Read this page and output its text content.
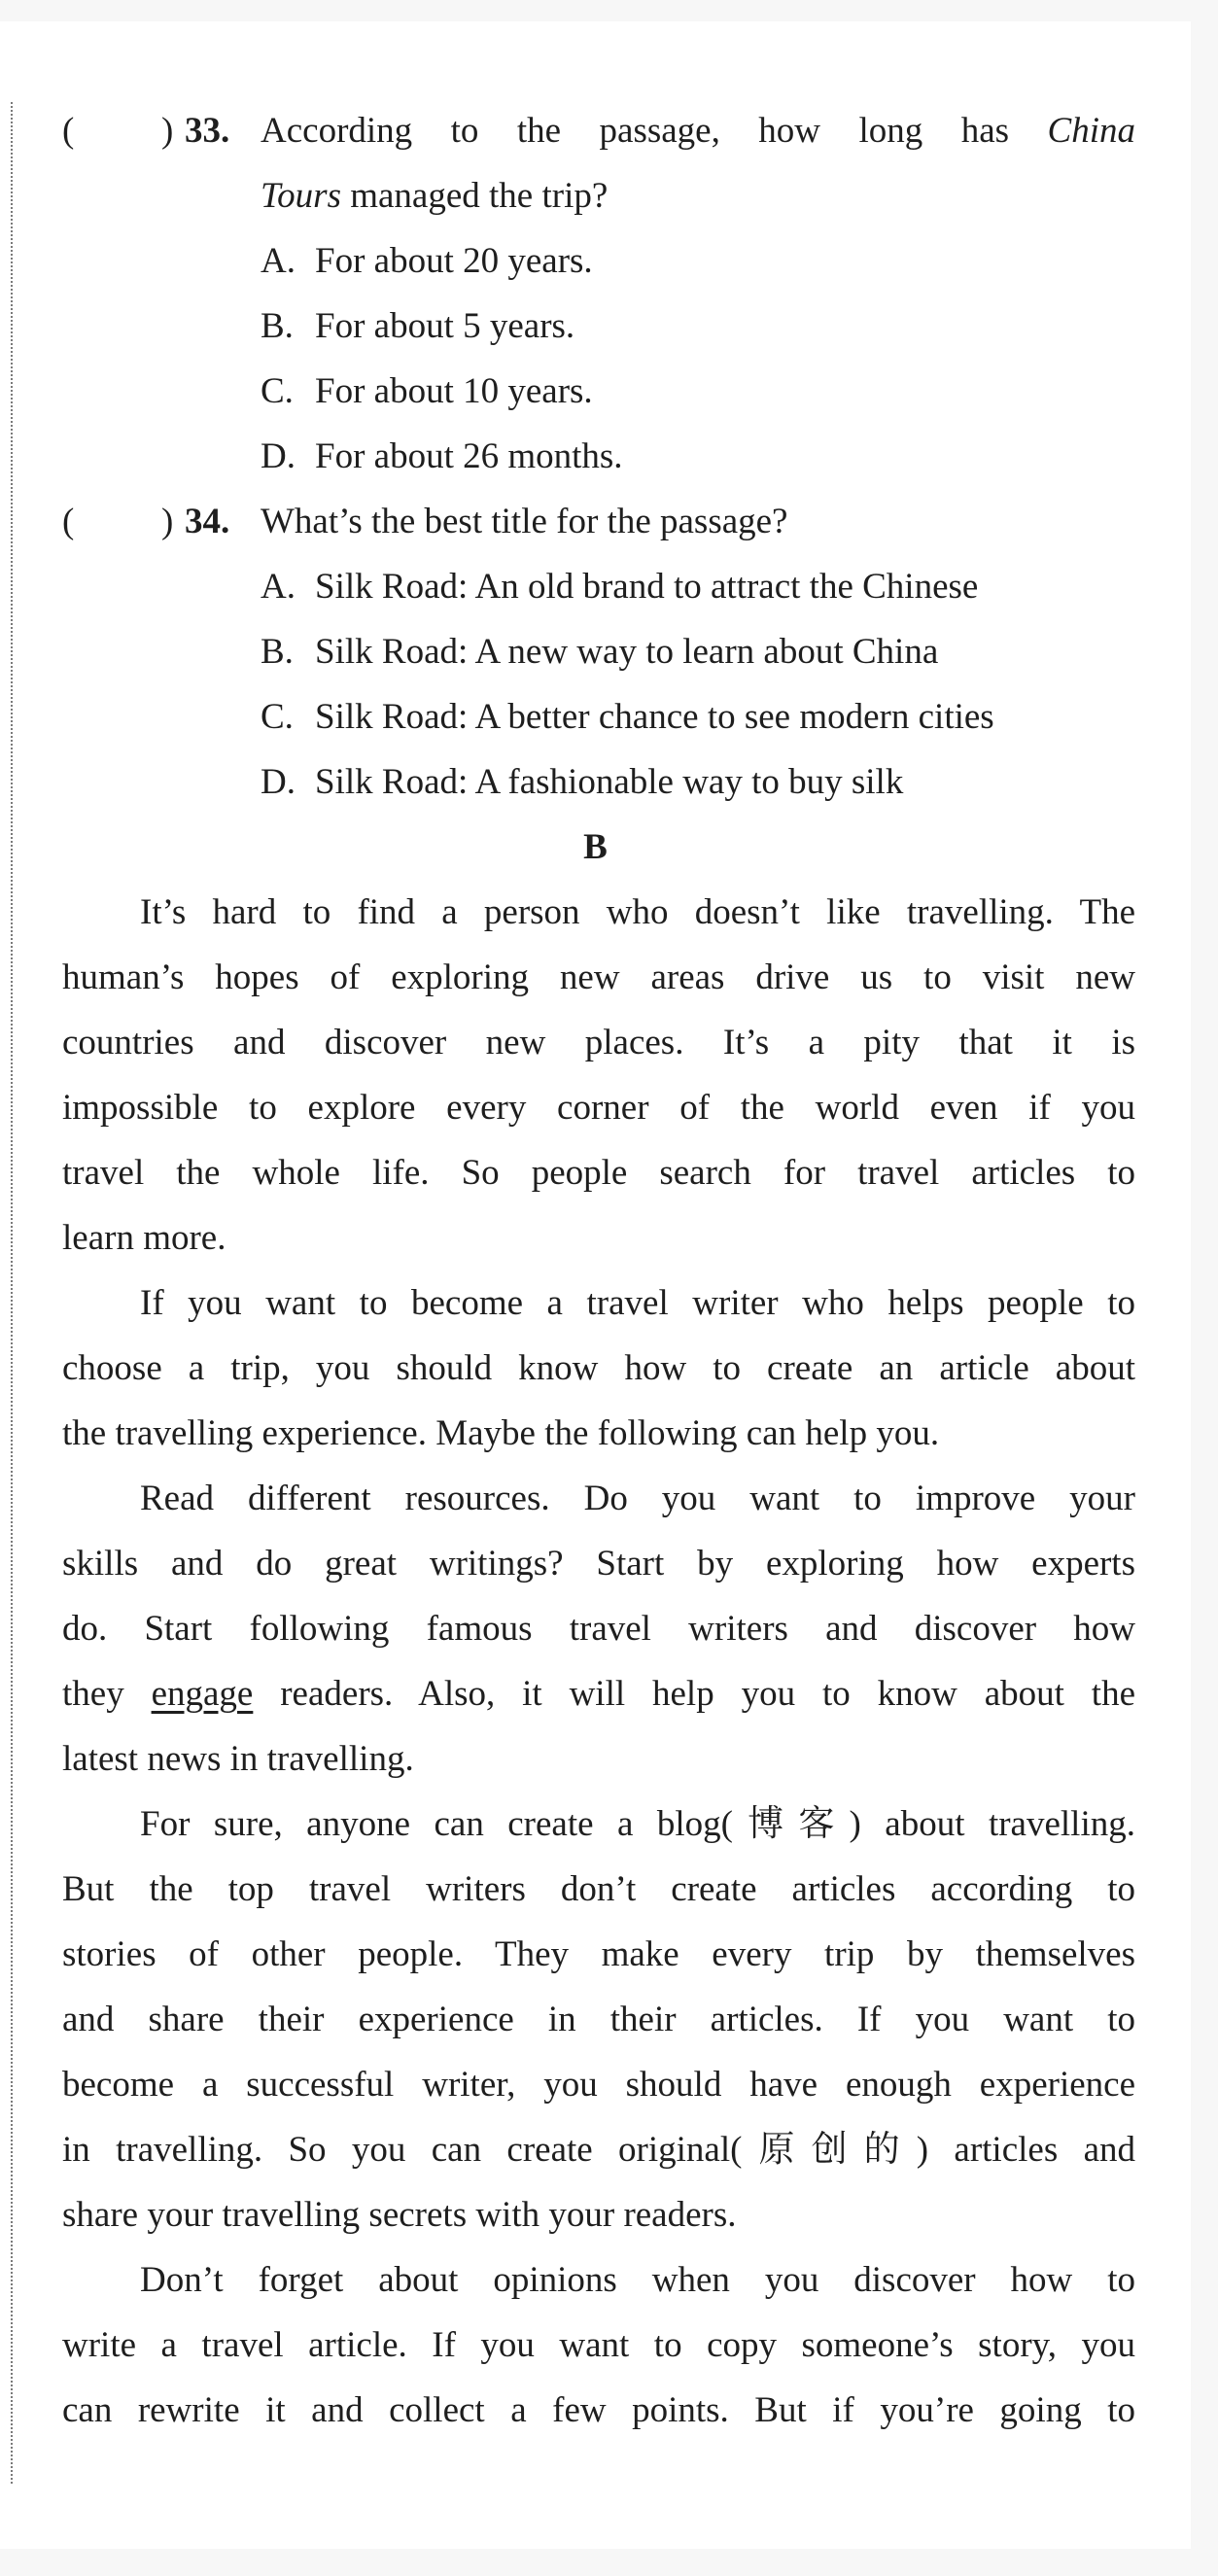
( ) 33. According to the passage, how long has China
Tours managed the trip?
A. For about 20 years.
B. For about 5 years.
C. For about 10 years.
D. For about 26 months.
( ) 34. What’s the best title for the passage?
A. Silk Road: An old brand to attract the Chinese
B. Silk Road: A new way to learn about China
C. Silk Road: A better chance to see modern cities
D. Silk Road: A fashionable way to buy silk
B
It’s hard to find a person who doesn’t like travelling. The
human’s hopes of exploring new areas drive us to visit new
countries and discover new places. It’s a pity that it is
impossible to explore every corner of the world even if you
travel the whole life. So people search for travel articles to
learn more.
If you want to become a travel writer who helps people to
choose a trip, you should know how to create an article about
the travelling experience. Maybe the following can help you.
Read different resources. Do you want to improve your
skills and do great writings? Start by exploring how experts
do. Start following famous travel writers and discover how
they engage readers. Also, it will help you to know about the
latest news in travelling.
For sure, anyone can create a blog(博客) about travelling.
But the top travel writers don’t create articles according to
stories of other people. They make every trip by themselves
and share their experience in their articles. If you want to
become a successful writer, you should have enough experience
in travelling. So you can create original(原创的) articles and
share your travelling secrets with your readers.
Don’t forget about opinions when you discover how to
write a travel article. If you want to copy someone’s story, you
can rewrite it and collect a few points. But if you’re going to
